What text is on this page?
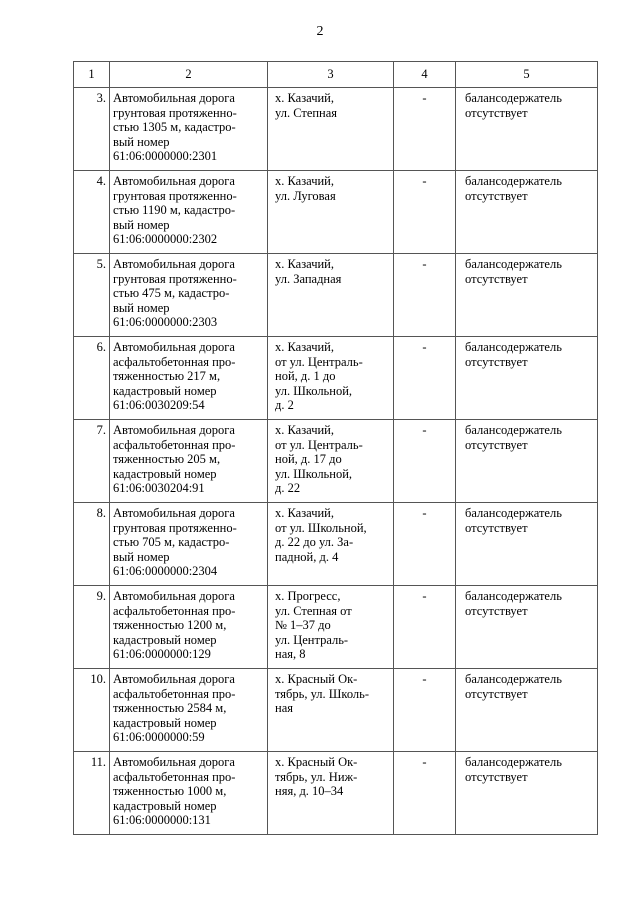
2
1	2	3	4	5
3.	Автомобильная дорога
грунтовая протяженно-
стью 1305 м, кадастро-
вый номер
61:06:0000000:2301	х. Казачий,
ул. Степная	-	балансодержатель
отсутствует

4.	Автомобильная дорога
грунтовая протяженно-
стью 1190 м, кадастро-
вый номер
61:06:0000000:2302	х. Казачий,
ул. Луговая	-	балансодержатель
отсутствует

5.	Автомобильная дорога
грунтовая протяженно-
стью 475 м, кадастро-
вый номер
61:06:0000000:2303	х. Казачий,
ул. Западная	-	балансодержатель
отсутствует

6.	Автомобильная дорога
асфальтобетонная про-
тяженностью 217 м,
кадастровый номер
61:06:0030209:54	х. Казачий,
от ул. Централь-
ной, д. 1 до
ул. Школьной,
д. 2	-	балансодержатель
отсутствует

7.	Автомобильная дорога
асфальтобетонная про-
тяженностью 205 м,
кадастровый номер
61:06:0030204:91	х. Казачий,
от ул. Централь-
ной, д. 17 до
ул. Школьной,
д. 22	-	балансодержатель
отсутствует

8.	Автомобильная дорога
грунтовая протяженно-
стью 705 м, кадастро-
вый номер
61:06:0000000:2304	х. Казачий,
от ул. Школьной,
д. 22 до ул. За-
падной, д. 4	-	балансодержатель
отсутствует

9.	Автомобильная дорога
асфальтобетонная про-
тяженностью 1200 м,
кадастровый номер
61:06:0000000:129	х. Прогресс,
ул. Степная от
№ 1–37 до
ул. Централь-
ная, 8	-	балансодержатель
отсутствует

10.	Автомобильная дорога
асфальтобетонная про-
тяженностью 2584 м,
кадастровый номер
61:06:0000000:59	х. Красный Ок-
тябрь, ул. Школь-
ная	-	балансодержатель
отсутствует

11.	Автомобильная дорога
асфальтобетонная про-
тяженностью 1000 м,
кадастровый номер
61:06:0000000:131	х. Красный Ок-
тябрь, ул. Ниж-
няя, д. 10–34	-	балансодержатель
отсутствует
